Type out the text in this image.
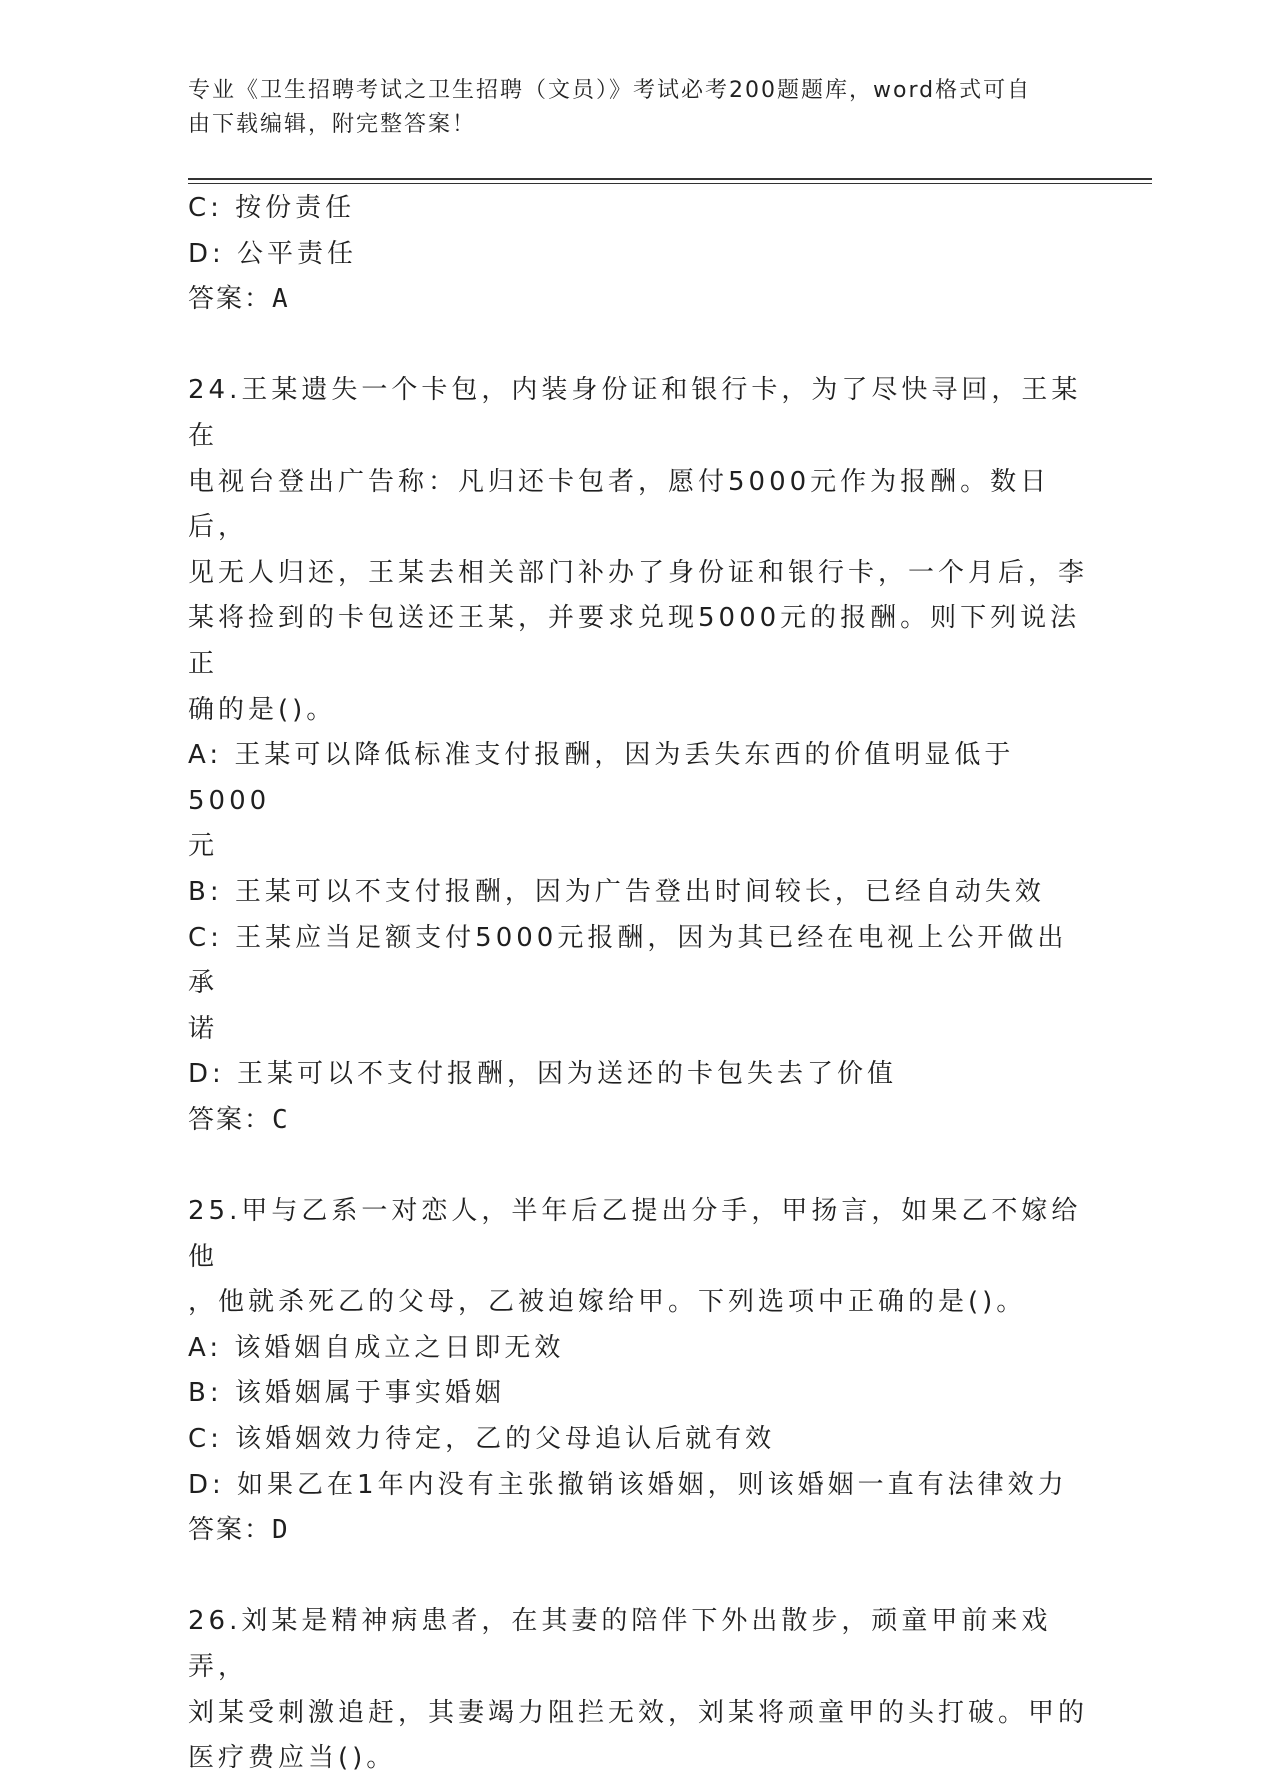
专业《卫生招聘考试之卫生招聘（文员）》考试必考200题题库，word格式可自
由下载编辑，附完整答案！
C: 按份责任
D: 公平责任
答案：A
24.王某遗失一个卡包，内装身份证和银行卡，为了尽快寻回，王某在
电视台登出广告称：凡归还卡包者，愿付5000元作为报酬。数日后，
见无人归还，王某去相关部门补办了身份证和银行卡，一个月后，李
某将捡到的卡包送还王某，并要求兑现5000元的报酬。则下列说法正
确的是()。
A: 王某可以降低标准支付报酬，因为丢失东西的价值明显低于5000
元
B: 王某可以不支付报酬，因为广告登出时间较长，已经自动失效
C: 王某应当足额支付5000元报酬，因为其已经在电视上公开做出承
诺
D: 王某可以不支付报酬，因为送还的卡包失去了价值
答案：C
25.甲与乙系一对恋人，半年后乙提出分手，甲扬言，如果乙不嫁给他
，他就杀死乙的父母，乙被迫嫁给甲。下列选项中正确的是()。
A: 该婚姻自成立之日即无效
B: 该婚姻属于事实婚姻
C: 该婚姻效力待定，乙的父母追认后就有效
D: 如果乙在1年内没有主张撤销该婚姻，则该婚姻一直有法律效力
答案：D
26.刘某是精神病患者，在其妻的陪伴下外出散步，顽童甲前来戏弄，
刘某受刺激追赶，其妻竭力阻拦无效，刘某将顽童甲的头打破。甲的
医疗费应当()。
